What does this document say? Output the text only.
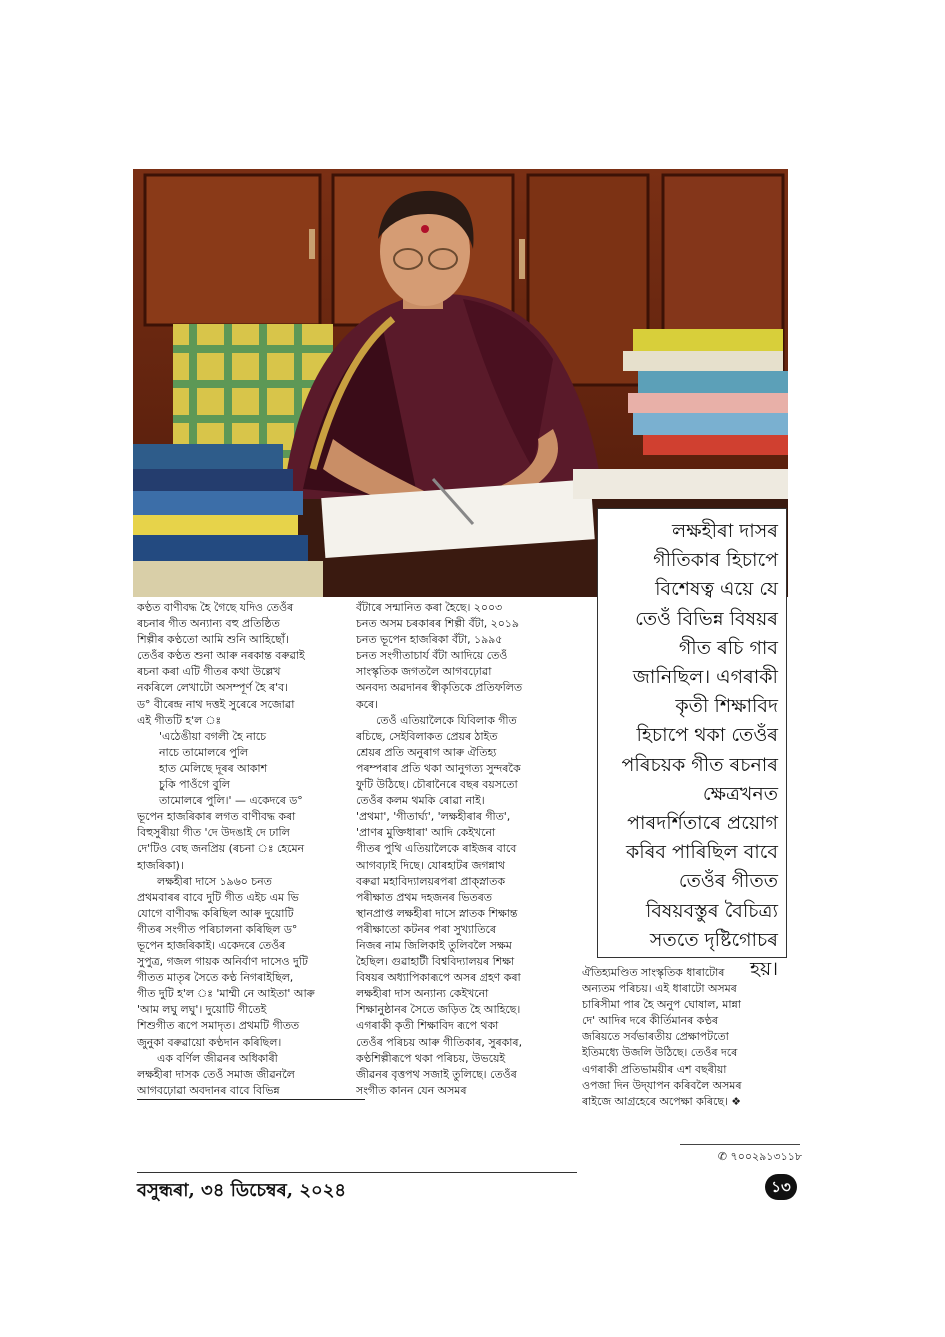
লক্ষহীৰা দাসৰ
গীতিকাৰ হিচাপে
বিশেষত্ব এয়ে যে
তেওঁ বিভিন্ন বিষয়ৰ
গীত ৰচি গাব
জানিছিল। এগৰাকী
কৃতী শিক্ষাবিদ
হিচাপে থকা তেওঁৰ
পৰিচয়ক গীত ৰচনাৰ
ক্ষেত্ৰখনত
পাৰদৰ্শিতাৰে প্ৰয়োগ
কৰিব পাৰিছিল বাবে
তেওঁৰ গীতত
বিষয়বস্তুৰ বৈচিত্ৰ্য
সততে দৃষ্টিগোচৰ
হয়।
কণ্ঠত বাণীবদ্ধ হৈ গৈছে যদিও তেওঁৰ
ৰচনাৰ গীত অন্যান্য বহু প্ৰতিষ্ঠিত
শিল্পীৰ কণ্ঠতো আমি শুনি আহিছোঁ।
তেওঁৰ কণ্ঠত শুনা আৰু নৰকান্ত বৰুৱাই
ৰচনা কৰা এটি গীতৰ কথা উল্লেখ
নকৰিলে লেখাটো অসম্পূৰ্ণ হৈ ৰ'ব।
ড° বীৰেন্দ্ৰ নাথ দত্তই সুৰেৰে সজোৱা
এই গীতটি হ'ল ঃ
'এঠেঙীয়া বগলী হৈ নাচে
নাচে তামোলৰে পুলি
হাত মেলিছে দূৰৰ আকাশ
চুকি পাওঁগে বুলি
তামোলৰে পুলি।' — একেদৰে ড°
ভূপেন হাজৰিকাৰ লগত বাণীবদ্ধ কৰা
বিহুসুৰীয়া গীত 'দে উদঙাই দে ঢালি
দে'টিও বেছ জনপ্ৰিয় (ৰচনা ঃ হেমেন
হাজৰিকা)।
লক্ষহীৰা দাসে ১৯৬০ চনত
প্ৰথমবাৰৰ বাবে দুটি গীত এইচ এম ভি
যোগে বাণীবদ্ধ কৰিছিল আৰু দুয়োটি
গীতৰ সংগীত পৰিচালনা কৰিছিল ড°
ভূপেন হাজৰিকাই। একেদৰে তেওঁৰ
সুপুত্ৰ, গজল গায়ক অনিৰ্বাণ দাসেও দুটি
গীতত মাতৃৰ সৈতে কণ্ঠ নিগৰাইছিল,
গীত দুটি হ'ল ঃ 'মাম্মী নে আইতা' আৰু
'আম লঘু লঘু'। দুয়োটি গীতেই
শিশুগীত ৰূপে সমাদৃত। প্ৰথমটি গীতত
জুনুকা বৰুৱায়ো কণ্ঠদান কৰিছিল।
এক বৰ্ণিল জীৱনৰ অধিকাৰী
লক্ষহীৰা দাসক তেওঁ সমাজ জীৱনলৈ
আগবঢ়োৱা অবদানৰ বাবে বিভিন্ন
বঁটাৰে সন্মানিত কৰা হৈছে। ২০০৩
চনত অসম চৰকাৰৰ শিল্পী বঁটা, ২০১৯
চনত ভূপেন হাজৰিকা বঁটা, ১৯৯৫
চনত সংগীতাচাৰ্য বঁটা আদিয়ে তেওঁ
সাংস্কৃতিক জগতলৈ আগবঢ়োৱা
অনবদ্য অৱদানৰ স্বীকৃতিকে প্ৰতিফলিত
কৰে।
তেওঁ এতিয়ালৈকে যিবিলাক গীত
ৰচিছে, সেইবিলাকত প্ৰেয়ৰ ঠাইত
শ্ৰেয়ৰ প্ৰতি অনুৰাগ আৰু ঐতিহ্য
পৰম্পৰাৰ প্ৰতি থকা আনুগত্য সুন্দৰকৈ
ফুটি উঠিছে। চৌৰানৈৰে বছৰ বয়সতো
তেওঁৰ কলম থমকি ৰোৱা নাই।
'প্ৰথমা', 'গীতাৰ্ঘ্য', 'লক্ষহীৰাৰ গীত',
'প্ৰাণৰ মুক্তিধাৰা' আদি কেইখনো
গীতৰ পুথি এতিয়ালৈকে ৰাইজৰ বাবে
আগবঢ়াই দিছে। যোৰহাটৰ জগন্নাথ
বৰুৱা মহাবিদ্যালয়ৰপৰা প্ৰাক্‌স্নাতক
পৰীক্ষাত প্ৰথম দহজনৰ ভিতৰত
স্থানপ্ৰাপ্ত লক্ষহীৰা দাসে স্নাতক শিক্ষান্ত
পৰীক্ষাতো কটনৰ পৰা সুখ্যাতিৰে
নিজৰ নাম জিলিকাই তুলিবলৈ সক্ষম
হৈছিল। গুৱাহাটী বিশ্ববিদ্যালয়ৰ শিক্ষা
বিষয়ৰ অধ্যাপিকাৰূপে অসৰ গ্ৰহণ কৰা
লক্ষহীৰা দাস অন্যান্য কেইখনো
শিক্ষানুষ্ঠানৰ সৈতে জড়িত হৈ আহিছে।
এগৰাকী কৃতী শিক্ষাবিদ ৰূপে থকা
তেওঁৰ পৰিচয় আৰু গীতিকাৰ, সুৰকাৰ,
কণ্ঠশিল্পীৰূপে থকা পৰিচয়, উভয়েই
জীৱনৰ বৃত্তপথ সজাই তুলিছে। তেওঁৰ
সংগীত কানন যেন অসমৰ
ঐতিহ্যমণ্ডিত সাংস্কৃতিক ধাৰাটোৰ
অন্যতম পৰিচয়। এই ধাৰাটো অসমৰ
চাৰিসীমা পাৰ হৈ অনুপ ঘোষাল, মান্না
দে' আদিৰ দৰে কীৰ্তিমানৰ কণ্ঠৰ
জৰিয়তে সৰ্বভাৰতীয় প্ৰেক্ষাপটতো
ইতিমধ্যে উজলি উঠিছে। তেওঁৰ দৰে
এগৰাকী প্ৰতিভাময়ীৰ এশ বছৰীয়া
ওপজা দিন উদ্‌যাপন কৰিবলৈ অসমৰ
ৰাইজে আগ্ৰহেৰে অপেক্ষা কৰিছে। ❖
✆ ৭০০২৯১৩১১৮
বসুন্ধৰা, ৩৪ ডিচেম্বৰ, ২০২৪	১৩
